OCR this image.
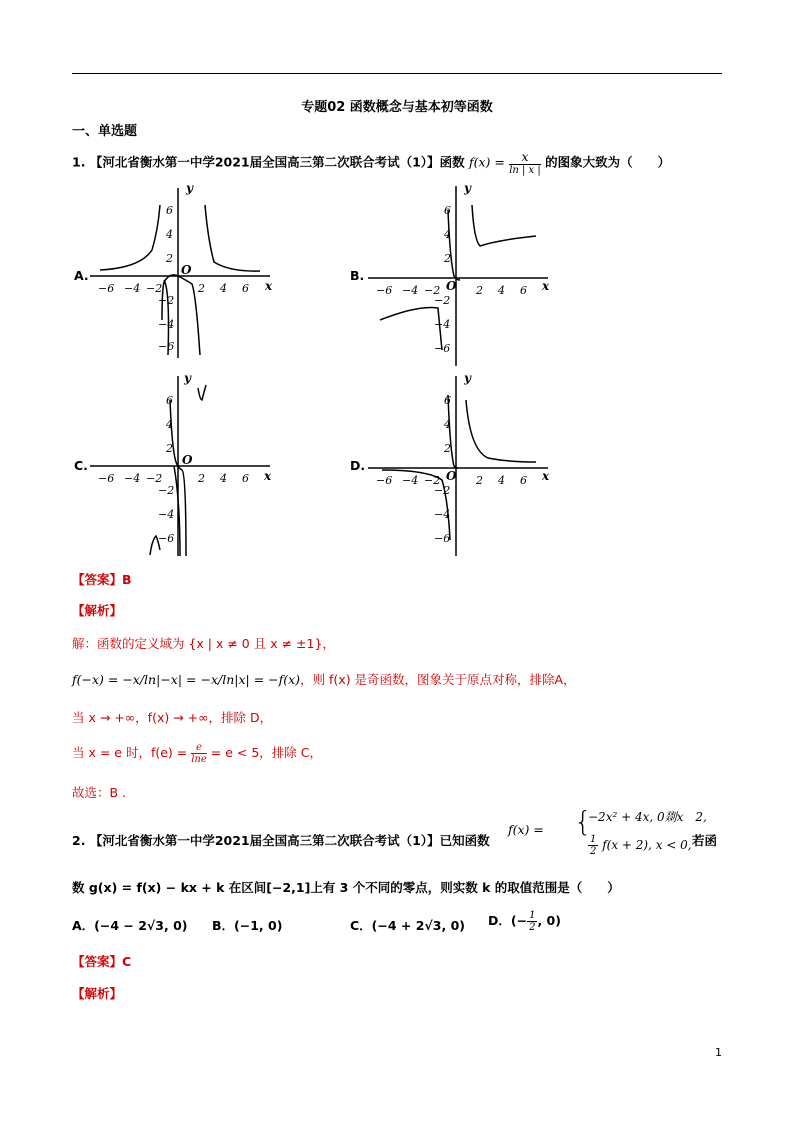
专题02 函数概念与基本初等函数
一、单选题
1. 【河北省衡水第一中学2021届全国高三第二次联合考试（1）】函数 $f(x) = \frac{x}{\ln | x |}$ 的图象大致为（　　）
A.
y
x
O
−6 −4 −2	2 4 6
6
4
2
−2
−4
−6
B.
y
x
O
−6 −4 −2	2 4 6
6
4
2
−2
−4
−6
C.
y
x
O
−6 −4 −2	2 4 6
6
4
2
−2
−4
−6
D.
y
x
O
−6 −4 −2	2 4 6
6
4
2
−2
−4
−6
【答案】B
【解析】
解：函数的定义域为 {x | x ≠ 0 且 x ≠ ±1}，
f(−x) = −x/ln|−x| = −x/ln|x| = −f(x)，则 f(x) 是奇函数，图象关于原点对称，排除A，
当 x → +∞，f(x) → +∞，排除 D，
当 x = e 时，$f(e) = \frac{e}{\ln e} = e < 5$，排除 C，
故选：B .
2. 【河北省衡水第一中学2021届全国高三第二次联合考试（1）】已知函数
f(x) = {
−2x² + 4x, 0剟x　2,
$\frac{1}{2} f(x + 2)$, x < 0, 若函
数 g(x) = f(x) − kx + k 在区间[−2,1]上有 3 个不同的零点，则实数 k 的取值范围是（　　）
A．(−4 − 2√3, 0) B．(−1, 0)	C．(−4 + 2√3, 0) D．(− $\frac{1}{2}$ , 0)
【答案】C
【解析】
1
